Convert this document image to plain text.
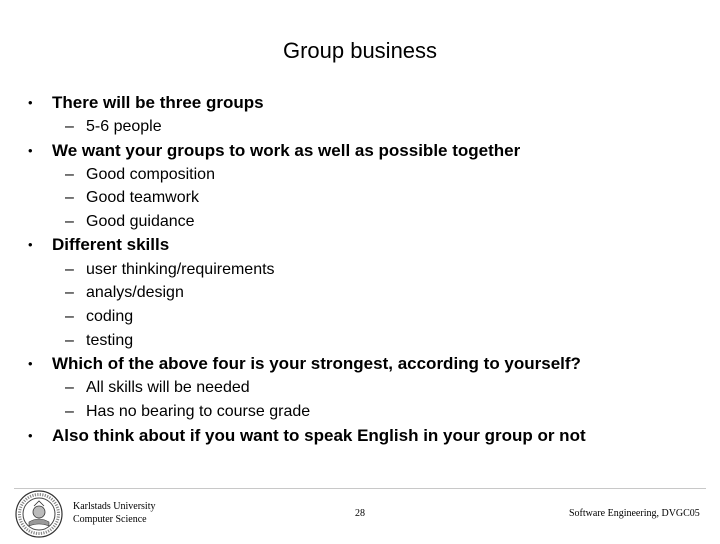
Group business
• There will be three groups
– 5-6 people
• We want your groups to work as well as possible together
– Good composition
– Good teamwork
– Good guidance
• Different skills
– user thinking/requirements
– analys/design
– coding
– testing
• Which of the above four is your strongest, according to yourself?
– All skills will be needed
– Has no bearing to course grade
• Also think about if you want to speak English in your group or not
Karlstads University
Computer Science
28	Software Engineering, DVGC05
